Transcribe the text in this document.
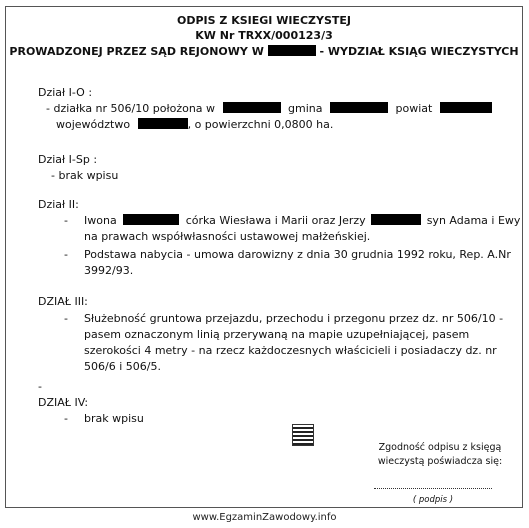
ODPIS Z KSIEGI WIECZYSTEJ
KW Nr TRXX/000123/3
PROWADZONEJ PRZEZ SĄD REJONOWY W	- WYDZIAŁ KSIĄG WIECZYSTYCH
Dział I-O :
- działka nr 506/10 położona w	gmina	powiat
województwo	, o powierzchni 0,0800 ha.
Dział I-Sp :
- brak wpisu
Dział II:
- Iwona	córka Wiesława i Marii oraz Jerzy	syn Adama i Ewy
na prawach współwłasności ustawowej małżeńskiej.
- Podstawa nabycia - umowa darowizny z dnia 30 grudnia 1992 roku, Rep. A.Nr
3992/93.
DZIAŁ III:
- Służebność gruntowa przejazdu, przechodu i przegonu przez dz. nr 506/10 -
pasem oznaczonym linią przerywaną na mapie uzupełniającej, pasem
szerokości 4 metry - na rzecz każdoczesnych właścicieli i posiadaczy dz. nr
506/6 i 506/5.
-
DZIAŁ IV:
- brak wpisu
Zgodność odpisu z księgą
wieczystą poświadcza się:
( podpis )
www.EgzaminZawodowy.info
